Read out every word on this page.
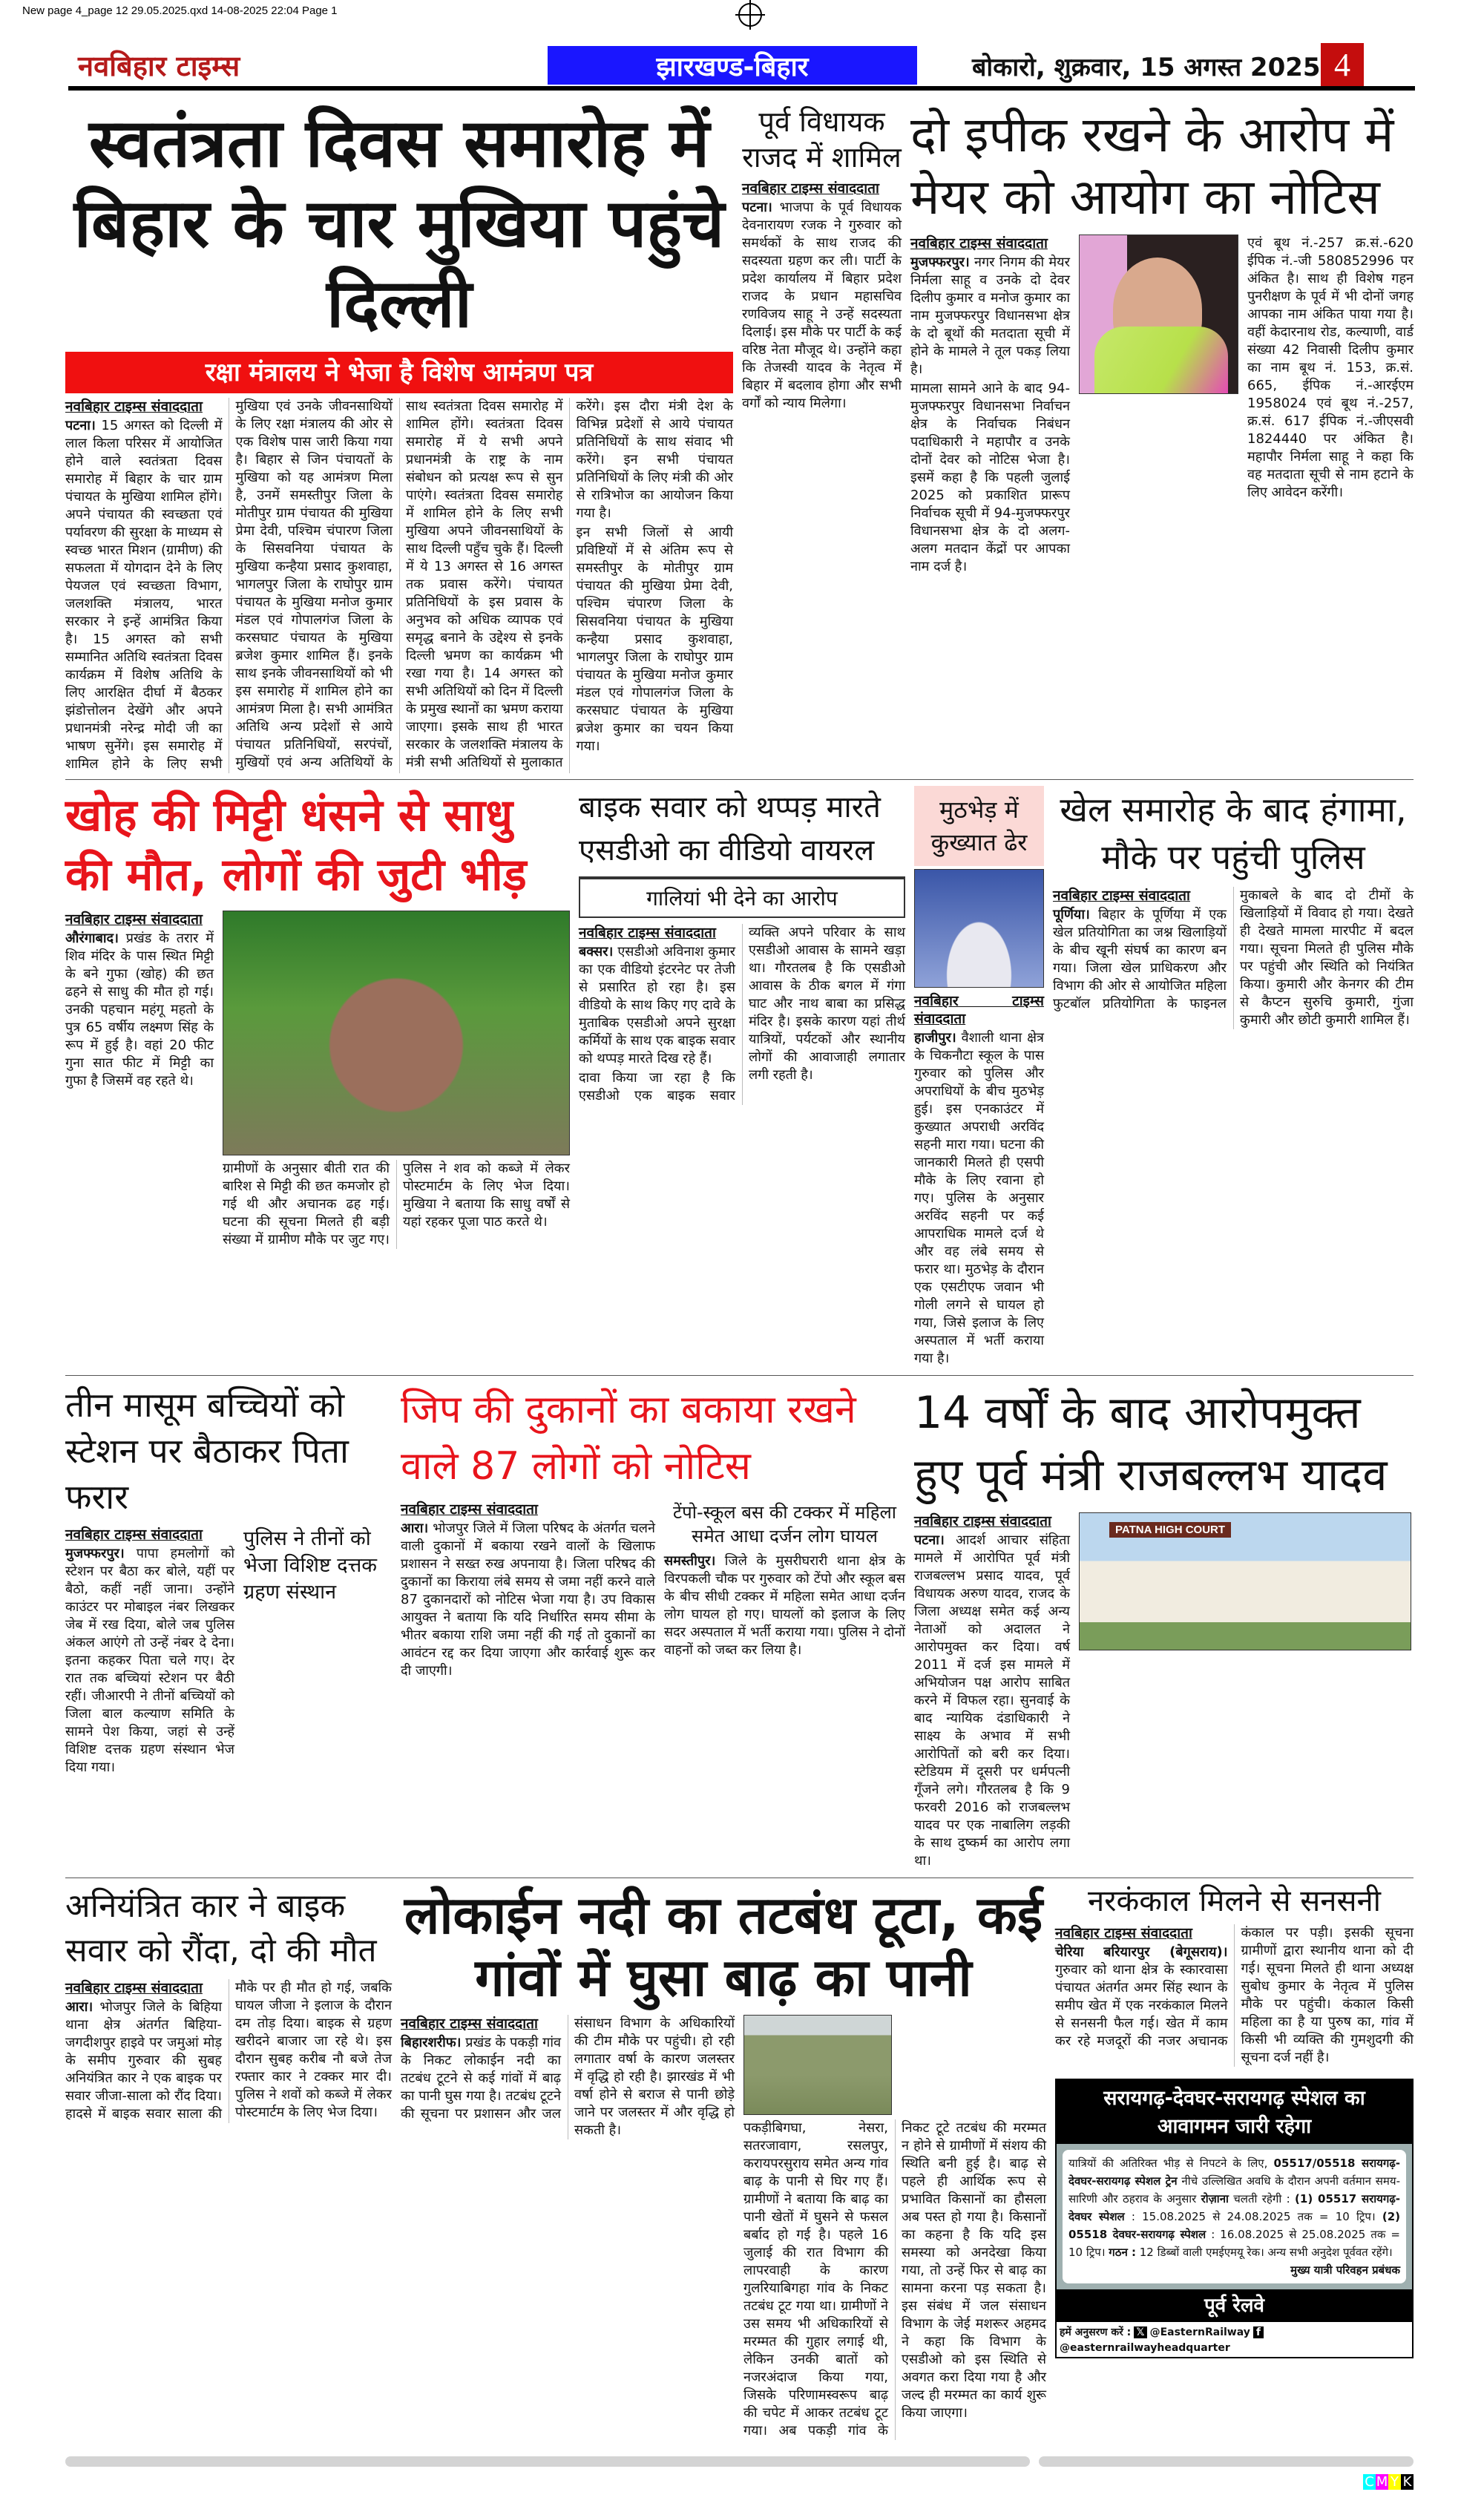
New page 4_page 12 29.05.2025.qxd 14-08-2025 22:04 Page 1
नवबिहार टाइम्स	झारखण्ड-बिहार	बोकारो, शुक्रवार, 15 अगस्त 2025 4
स्वतंत्रता दिवस समारोह में बिहार के चार मुखिया पहुंचे दिल्ली
रक्षा मंत्रालय ने भेजा है विशेष आमंत्रण पत्र
नवबिहार टाइम्स संवाददाता

पटना। 15 अगस्त को दिल्ली में लाल किला परिसर में आयोजित होने वाले स्वतंत्रता दिवस समारोह में बिहार के चार ग्राम पंचायत के मुखिया शामिल होंगे। अपने पंचायत की स्वच्छता एवं पर्यावरण की सुरक्षा के माध्यम से स्वच्छ भारत मिशन (ग्रामीण) की सफलता में योगदान देने के लिए पेयजल एवं स्वच्छता विभाग, जलशक्ति मंत्रालय, भारत सरकार ने इन्हें आमंत्रित किया है। 15 अगस्त को सभी सम्मानित अतिथि स्वतंत्रता दिवस कार्यक्रम में विशेष अतिथि के लिए आरक्षित दीर्घा में बैठकर झंडोत्तोलन देखेंगे और अपने प्रधानमंत्री नरेन्द्र मोदी जी का भाषण सुनेंगे। इस समारोह में शामिल होने के लिए सभी मुखिया एवं उनके जीवनसाथियों के लिए रक्षा मंत्रालय की ओर से एक विशेष पास जारी किया गया है। बिहार से जिन पंचायतों के मुखिया को यह आमंत्रण मिला है, उनमें समस्तीपुर जिला के मोतीपुर ग्राम पंचायत की मुखिया प्रेमा देवी, पश्चिम चंपारण जिला के सिसवनिया पंचायत के मुखिया कन्हैया प्रसाद कुशवाहा, भागलपुर जिला के राघोपुर ग्राम पंचायत के मुखिया मनोज कुमार मंडल एवं गोपालगंज जिला के करसघाट पंचायत के मुखिया ब्रजेश कुमार शामिल हैं। इनके साथ इनके जीवनसाथियों को भी इस समारोह में शामिल होने का आमंत्रण मिला है। सभी आमंत्रित अतिथि अन्य प्रदेशों से आये पंचायत प्रतिनिधियों, सरपंचों, मुखियों एवं अन्य अतिथियों के साथ स्वतंत्रता दिवस समारोह में शामिल होंगे। स्वतंत्रता दिवस समारोह में ये सभी अपने प्रधानमंत्री के राष्ट्र के नाम संबोधन को प्रत्यक्ष रूप से सुन पाएंगे। स्वतंत्रता दिवस समारोह में शामिल होने के लिए सभी मुखिया अपने जीवनसाथियों के साथ दिल्ली पहुँच चुके हैं। दिल्ली में ये 13 अगस्त से 16 अगस्त तक प्रवास करेंगे। पंचायत प्रतिनिधियों के इस प्रवास के अनुभव को अधिक व्यापक एवं समृद्ध बनाने के उद्देश्य से इनके दिल्ली भ्रमण का कार्यक्रम भी रखा गया है। 14 अगस्त को सभी अतिथियों को दिन में दिल्ली के प्रमुख स्थानों का भ्रमण कराया जाएगा। इसके साथ ही भारत सरकार के जलशक्ति मंत्रालय के मंत्री सभी अतिथियों से मुलाकात करेंगे। इस दौरा मंत्री देश के विभिन्न प्रदेशों से आये पंचायत प्रतिनिधियों के साथ संवाद भी करेंगे। इन सभी पंचायत प्रतिनिधियों के लिए मंत्री की ओर से रात्रिभोज का आयोजन किया गया है।

इन सभी जिलों से आयी प्रविष्टियों में से अंतिम रूप से समस्तीपुर के मोतीपुर ग्राम पंचायत की मुखिया प्रेमा देवी, पश्चिम चंपारण जिला के सिसवनिया पंचायत के मुखिया कन्हैया प्रसाद कुशवाहा, भागलपुर जिला के राघोपुर ग्राम पंचायत के मुखिया मनोज कुमार मंडल एवं गोपालगंज जिला के करसघाट पंचायत के मुखिया ब्रजेश कुमार का चयन किया गया।

पूर्व विधायक राजद में शामिल
नवबिहार टाइम्स संवाददाता

पटना। भाजपा के पूर्व विधायक देवनारायण रजक ने गुरुवार को समर्थकों के साथ राजद की सदस्यता ग्रहण कर ली। पार्टी के प्रदेश कार्यालय में बिहार प्रदेश राजद के प्रधान महासचिव रणविजय साहू ने उन्हें सदस्यता दिलाई। इस मौके पर पार्टी के कई वरिष्ठ नेता मौजूद थे। उन्होंने कहा कि तेजस्वी यादव के नेतृत्व में बिहार में बदलाव होगा और सभी वर्गों को न्याय मिलेगा।

दो इपीक रखने के आरोप में मेयर को आयोग का नोटिस
नवबिहार टाइम्स संवाददाता

मुजफ्फरपुर। नगर निगम की मेयर निर्मला साहू व उनके दो देवर दिलीप कुमार व मनोज कुमार का नाम मुजफ्फरपुर विधानसभा क्षेत्र के दो बूथों की मतदाता सूची में होने के मामले ने तूल पकड़ लिया है।

मामला सामने आने के बाद 94-मुजफ्फरपुर विधानसभा निर्वाचन क्षेत्र के निर्वाचक निबंधन पदाधिकारी ने महापौर व उनके दोनों देवर को नोटिस भेजा है। इसमें कहा है कि पहली जुलाई 2025 को प्रकाशित प्रारूप निर्वाचक सूची में 94-मुजफ्फरपुर विधानसभा क्षेत्र के दो अलग-अलग मतदान केंद्रों पर आपका नाम दर्ज है।

एवं बूथ नं.-257 क्र.सं.-620 ईपिक नं.-जी 580852996 पर अंकित है। साथ ही विशेष गहन पुनरीक्षण के पूर्व में भी दोनों जगह आपका नाम अंकित पाया गया है। वहीं केदारनाथ रोड, कल्याणी, वार्ड संख्या 42 निवासी दिलीप कुमार का नाम बूथ नं. 153, क्र.सं. 665, ईपिक नं.-आरईएम 1958024 एवं बूथ नं.-257, क्र.सं. 617 ईपिक नं.-जीएसवी 1824440 पर अंकित है। महापौर निर्मला साहू ने कहा कि वह मतदाता सूची से नाम हटाने के लिए आवेदन करेंगी।

खोह की मिट्टी धंसने से साधु की मौत, लोगों की जुटी भीड़
नवबिहार टाइम्स संवाददाता

औरंगाबाद। प्रखंड के तरार में शिव मंदिर के पास स्थित मिट्टी के बने गुफा (खोह) की छत ढहने से साधु की मौत हो गई। उनकी पहचान महंगू महतो के पुत्र 65 वर्षीय लक्ष्मण सिंह के रूप में हुई है। वहां 20 फीट गुना सात फीट में मिट्टी का गुफा है जिसमें वह रहते थे।

ग्रामीणों के अनुसार बीती रात की बारिश से मिट्टी की छत कमजोर हो गई थी और अचानक ढह गई। घटना की सूचना मिलते ही बड़ी संख्या में ग्रामीण मौके पर जुट गए। पुलिस ने शव को कब्जे में लेकर पोस्टमार्टम के लिए भेज दिया। मुखिया ने बताया कि साधु वर्षों से यहां रहकर पूजा पाठ करते थे।

बाइक सवार को थप्पड़ मारते एसडीओ का वीडियो वायरल
गालियां भी देने का आरोप
नवबिहार टाइम्स संवाददाता

बक्सर। एसडीओ अविनाश कुमार का एक वीडियो इंटरनेट पर तेजी से प्रसारित हो रहा है। इस वीडियो के साथ किए गए दावे के मुताबिक एसडीओ अपने सुरक्षा कर्मियों के साथ एक बाइक सवार को थप्पड़ मारते दिख रहे हैं।

दावा किया जा रहा है कि एसडीओ एक बाइक सवार व्यक्ति अपने परिवार के साथ एसडीओ आवास के सामने खड़ा था। गौरतलब है कि एसडीओ आवास के ठीक बगल में गंगा घाट और नाथ बाबा का प्रसिद्ध मंदिर है। इसके कारण यहां तीर्थ यात्रियों, पर्यटकों और स्थानीय लोगों की आवाजाही लगातार लगी रहती है।

मुठभेड़ में कुख्यात ढेर
नवबिहार टाइम्स संवाददाता

हाजीपुर। वैशाली थाना क्षेत्र के चिकनौटा स्कूल के पास गुरुवार को पुलिस और अपराधियों के बीच मुठभेड़ हुई। इस एनकाउंटर में कुख्यात अपराधी अरविंद सहनी मारा गया। घटना की जानकारी मिलते ही एसपी मौके के लिए रवाना हो गए। पुलिस के अनुसार अरविंद सहनी पर कई आपराधिक मामले दर्ज थे और वह लंबे समय से फरार था। मुठभेड़ के दौरान एक एसटीएफ जवान भी गोली लगने से घायल हो गया, जिसे इलाज के लिए अस्पताल में भर्ती कराया गया है।

खेल समारोह के बाद हंगामा, मौके पर पहुंची पुलिस
नवबिहार टाइम्स संवाददाता

पूर्णिया। बिहार के पूर्णिया में एक खेल प्रतियोगिता का जश्न खिलाड़ियों के बीच खूनी संघर्ष का कारण बन गया। जिला खेल प्राधिकरण और विभाग की ओर से आयोजित महिला फुटबॉल प्रतियोगिता के फाइनल मुकाबले के बाद दो टीमों के खिलाड़ियों में विवाद हो गया। देखते ही देखते मामला मारपीट में बदल गया। सूचना मिलते ही पुलिस मौके पर पहुंची और स्थिति को नियंत्रित किया। कुमारी और केनगर की टीम से कैप्टन सुरुचि कुमारी, गुंजा कुमारी और छोटी कुमारी शामिल हैं।

तीन मासूम बच्चियों को स्टेशन पर बैठाकर पिता फरार
नवबिहार टाइम्स संवाददाता

मुजफ्फरपुर। पापा हमलोगों को स्टेशन पर बैठा कर बोले, यहीं पर बैठो, कहीं नहीं जाना। उन्होंने काउंटर पर मोबाइल नंबर लिखकर जेब में रख दिया, बोले जब पुलिस अंकल आएंगे तो उन्हें नंबर दे देना। इतना कहकर पिता चले गए। देर रात तक बच्चियां स्टेशन पर बैठी रहीं। जीआरपी ने तीनों बच्चियों को जिला बाल कल्याण समिति के सामने पेश किया, जहां से उन्हें विशिष्ट दत्तक ग्रहण संस्थान भेज दिया गया।

पुलिस ने तीनों को भेजा विशिष्ट दत्तक ग्रहण संस्थान
जिप की दुकानों का बकाया रखने वाले 87 लोगों को नोटिस
नवबिहार टाइम्स संवाददाता

आरा। भोजपुर जिले में जिला परिषद के अंतर्गत चलने वाली दुकानों में बकाया रखने वालों के खिलाफ प्रशासन ने सख्त रुख अपनाया है। जिला परिषद की दुकानों का किराया लंबे समय से जमा नहीं करने वाले 87 दुकानदारों को नोटिस भेजा गया है। उप विकास आयुक्त ने बताया कि यदि निर्धारित समय सीमा के भीतर बकाया राशि जमा नहीं की गई तो दुकानों का आवंटन रद्द कर दिया जाएगा और कार्रवाई शुरू कर दी जाएगी।

टेंपो-स्कूल बस की टक्कर में महिला समेत आधा दर्जन लोग घायल

समस्तीपुर। जिले के मुसरीघरारी थाना क्षेत्र के विरपकली चौक पर गुरुवार को टेंपो और स्कूल बस के बीच सीधी टक्कर में महिला समेत आधा दर्जन लोग घायल हो गए। घायलों को इलाज के लिए सदर अस्पताल में भर्ती कराया गया। पुलिस ने दोनों वाहनों को जब्त कर लिया है।

14 वर्षों के बाद आरोपमुक्त हुए पूर्व मंत्री राजबल्लभ यादव
नवबिहार टाइम्स संवाददाता

पटना। आदर्श आचार संहिता मामले में आरोपित पूर्व मंत्री राजबल्लभ प्रसाद यादव, पूर्व विधायक अरुण यादव, राजद के जिला अध्यक्ष समेत कई अन्य नेताओं को अदालत ने आरोपमुक्त कर दिया। वर्ष 2011 में दर्ज इस मामले में अभियोजन पक्ष आरोप साबित करने में विफल रहा। सुनवाई के बाद न्यायिक दंडाधिकारी ने साक्ष्य के अभाव में सभी आरोपितों को बरी कर दिया। स्टेडियम में दूसरी पर धर्मपत्नी गूँजने लगे। गौरतलब है कि 9 फरवरी 2016 को राजबल्लभ यादव पर एक नाबालिग लड़की के साथ दुष्कर्म का आरोप लगा था।

PATNA HIGH COURT
अनियंत्रित कार ने बाइक सवार को रौंदा, दो की मौत
नवबिहार टाइम्स संवाददाता

आरा। भोजपुर जिले के बिहिया थाना क्षेत्र अंतर्गत बिहिया-जगदीशपुर हाइवे पर जमुआं मोड़ के समीप गुरुवार की सुबह अनियंत्रित कार ने एक बाइक पर सवार जीजा-साला को रौंद दिया। हादसे में बाइक सवार साला की मौके पर ही मौत हो गई, जबकि घायल जीजा ने इलाज के दौरान दम तोड़ दिया। बाइक से ग्रहण खरीदने बाजार जा रहे थे। इस दौरान सुबह करीब नौ बजे तेज रफ्तार कार ने टक्कर मार दी। पुलिस ने शवों को कब्जे में लेकर पोस्टमार्टम के लिए भेज दिया।

लोकाईन नदी का तटबंध टूटा, कई गांवों में घुसा बाढ़ का पानी
नवबिहार टाइम्स संवाददाता

बिहारशरीफ। प्रखंड के पकड़ी गांव के निकट लोकाईन नदी का तटबंध टूटने से कई गांवों में बाढ़ का पानी घुस गया है। तटबंध टूटने की सूचना पर प्रशासन और जल संसाधन विभाग के अधिकारियों की टीम मौके पर पहुंची। हो रही लगातार वर्षा के कारण जलस्तर में वृद्धि हो रही है। झारखंड में भी वर्षा होने से बराज से पानी छोड़े जाने पर जलस्तर में और वृद्धि हो सकती है।	पकड़ीबिगघा, नेसरा, सतरजावाग, रसलपुर, करायपरसुराय समेत अन्य गांव बाढ़ के पानी से घिर गए हैं। ग्रामीणों ने बताया कि बाढ़ का पानी खेतों में घुसने से फसल बर्बाद हो गई है। पहले 16 जुलाई की रात विभाग की लापरवाही के कारण गुलरियाबिगहा गांव के निकट तटबंध टूट गया था। ग्रामीणों ने उस समय भी अधिकारियों से मरम्मत की गुहार लगाई थी, लेकिन उनकी बातों को नजरअंदाज किया गया, जिसके परिणामस्वरूप बाढ़ की चपेट में आकर तटबंध टूट गया। अब पकड़ी गांव के निकट टूटे तटबंध की मरम्मत न होने से ग्रामीणों में संशय की स्थिति बनी हुई है। बाढ़ से पहले ही आर्थिक रूप से प्रभावित किसानों का हौसला अब पस्त हो गया है। किसानों का कहना है कि यदि इस समस्या को अनदेखा किया गया, तो उन्हें फिर से बाढ़ का सामना करना पड़ सकता है। इस संबंध में जल संसाधन विभाग के जेई मशरूर अहमद ने कहा कि विभाग के एसडीओ को इस स्थिति से अवगत करा दिया गया है और जल्द ही मरम्मत का कार्य शुरू किया जाएगा।

नरकंकाल मिलने से सनसनी
नवबिहार टाइम्स संवाददाता

चेरिया बरियारपुर (बेगूसराय)। गुरुवार को थाना क्षेत्र के स्कारवासा पंचायत अंतर्गत अमर सिंह स्थान के समीप खेत में एक नरकंकाल मिलने से सनसनी फैल गई। खेत में काम कर रहे मजदूरों की नजर अचानक कंकाल पर पड़ी। इसकी सूचना ग्रामीणों द्वारा स्थानीय थाना को दी गई। सूचना मिलते ही थाना अध्यक्ष सुबोध कुमार के नेतृत्व में पुलिस मौके पर पहुंची। कंकाल किसी महिला का है या पुरुष का, गांव में किसी भी व्यक्ति की गुमशुदगी की सूचना दर्ज नहीं है।

सरायगढ़-देवघर-सरायगढ़ स्पेशल का आवागमन जारी रहेगा
यात्रियों की अतिरिक्त भीड़ से निपटने के लिए, 05517/05518 सरायगढ़-देवघर-सरायगढ़ स्पेशल ट्रेन नीचे उल्लिखित अवधि के दौरान अपनी वर्तमान समय-सारिणी और ठहराव के अनुसार रोज़ाना चलती रहेगी : (1) 05517 सरायगढ़-देवघर स्पेशल : 15.08.2025 से 24.08.2025 तक = 10 ट्रिप। (2) 05518 देवघर-सरायगढ़ स्पेशल : 16.08.2025 से 25.08.2025 तक = 10 ट्रिप। गठन : 12 डिब्बों वाली एमईएमयू रेक। अन्य सभी अनुदेश पूर्ववत रहेंगे।
मुख्य यात्री परिवहन प्रबंधक
पूर्व रेलवे
हमें अनुसरण करें : 𝕏 @EasternRailway f
@easternrailwayheadquarter
C M Y K
